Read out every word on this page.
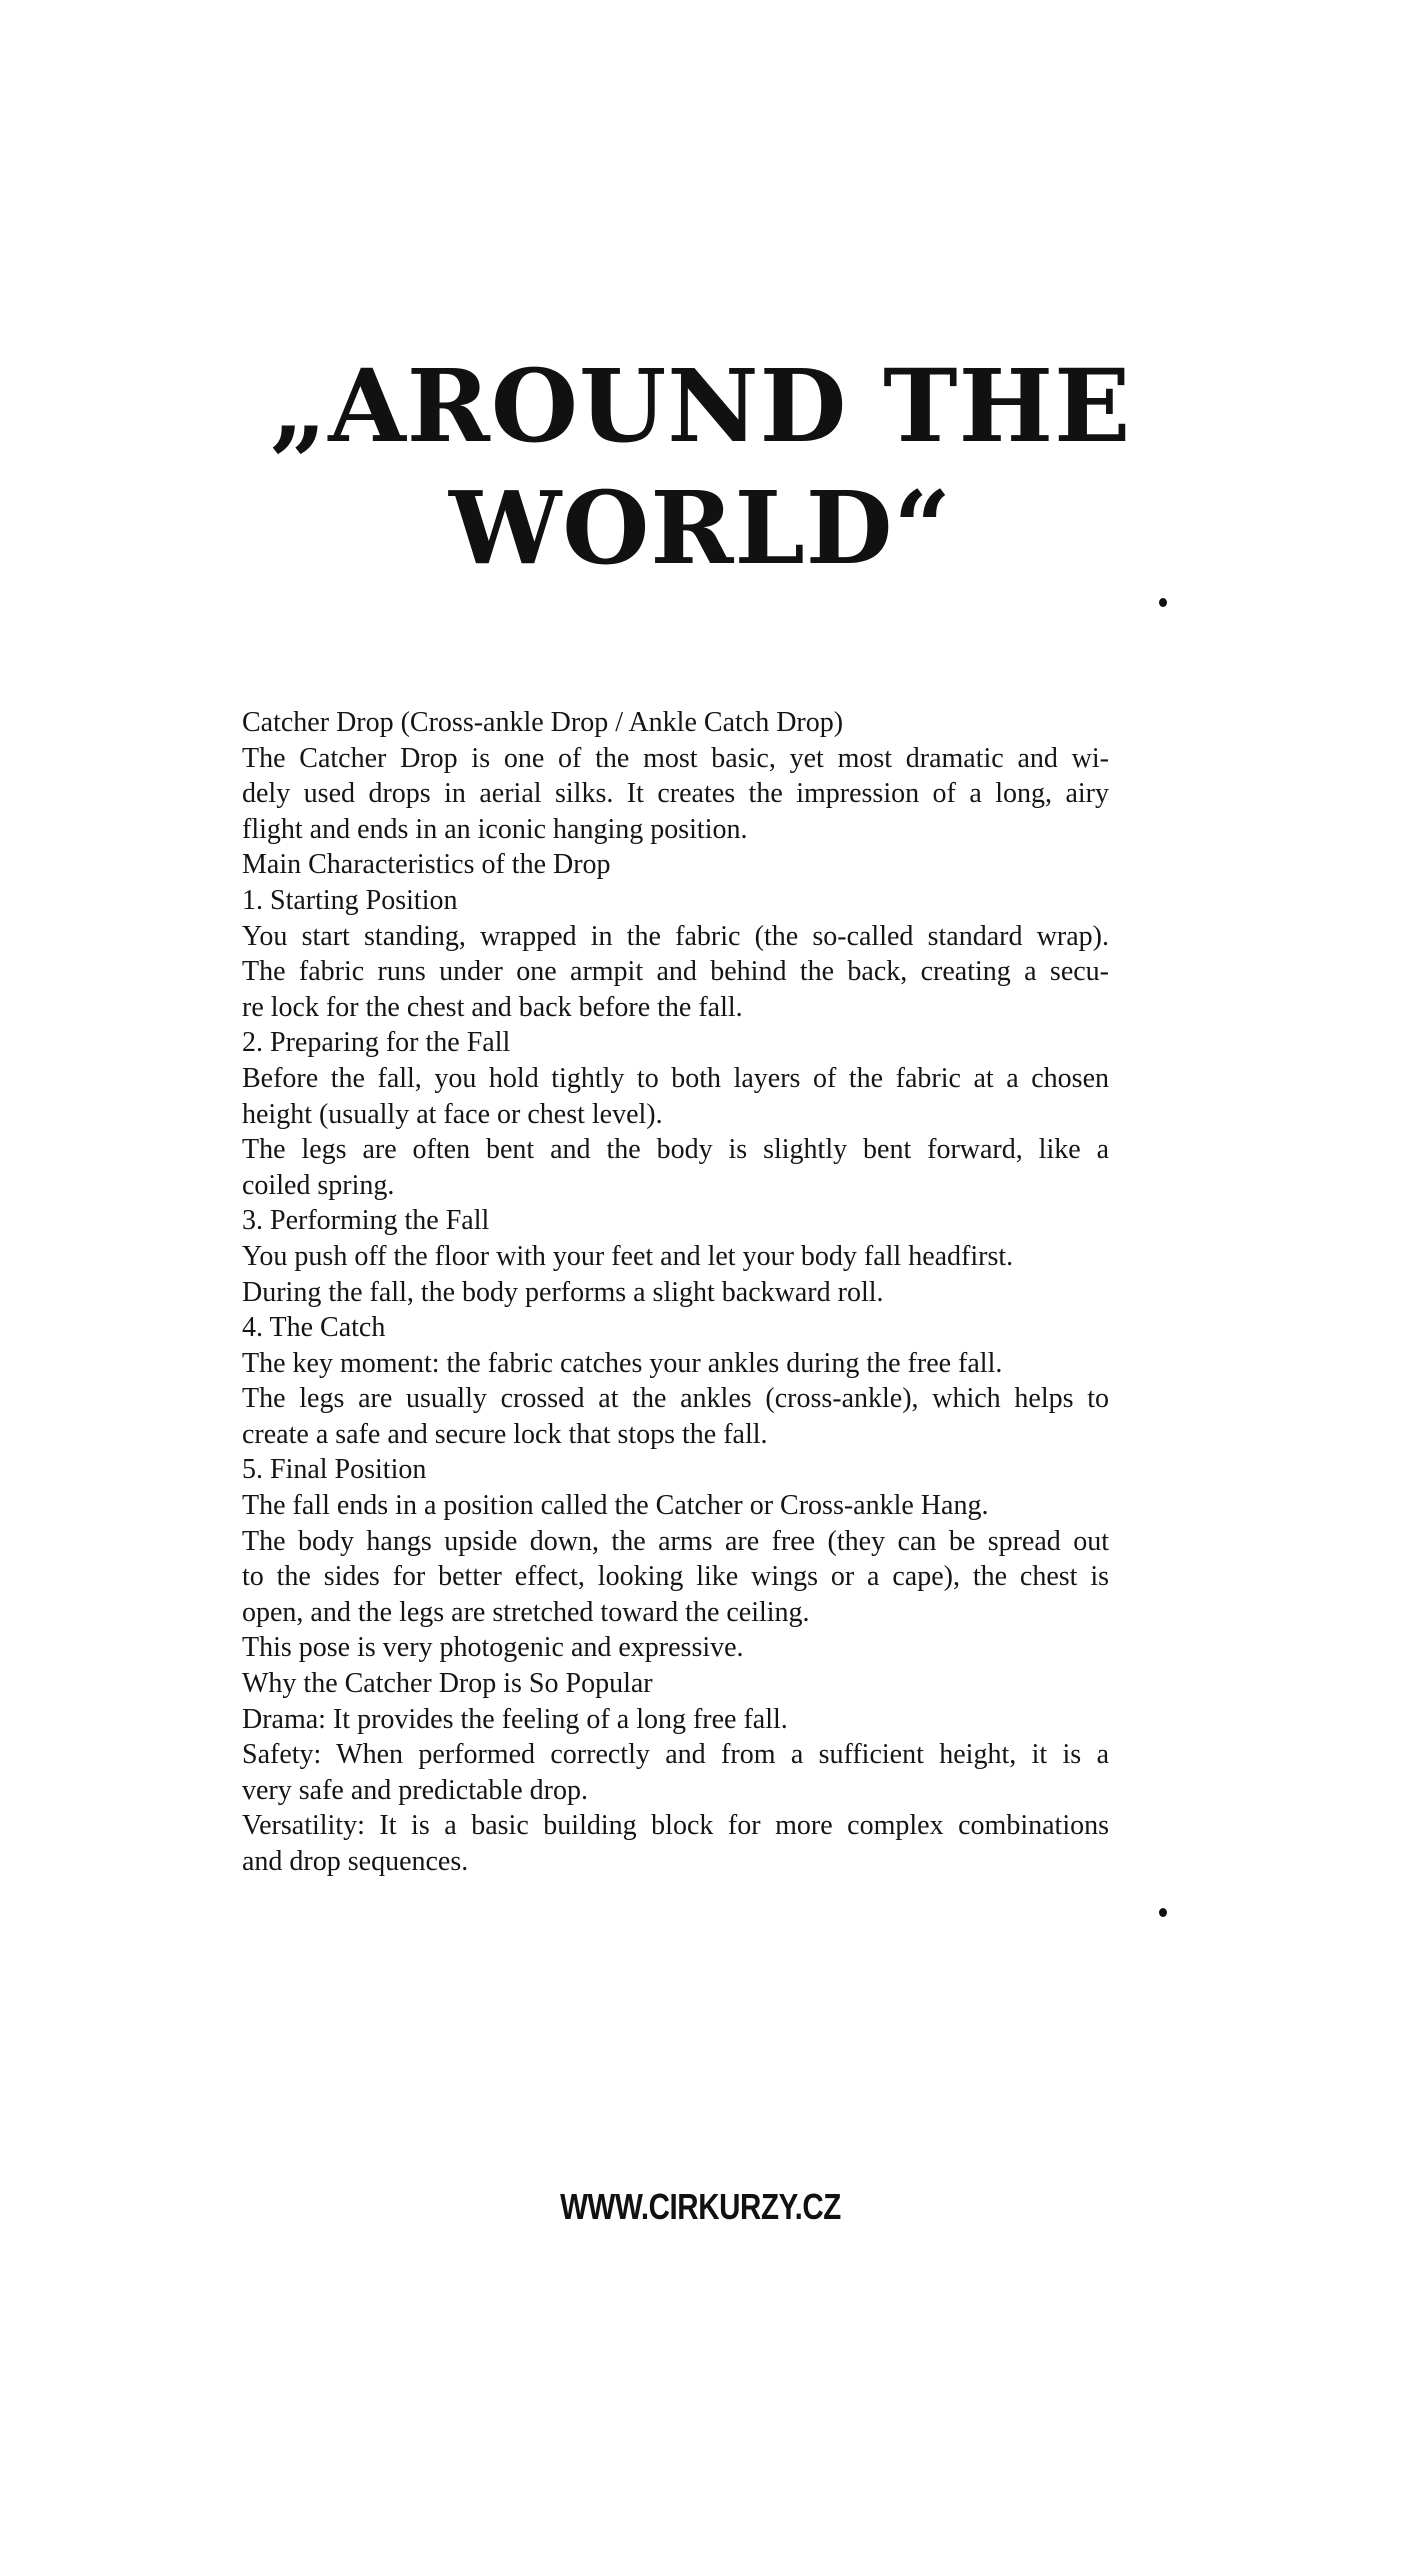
„AROUND THE
WORLD“
Catcher Drop (Cross-ankle Drop / Ankle Catch Drop)
The Catcher Drop is one of the most basic, yet most dramatic and wi-
dely used drops in aerial silks. It creates the impression of a long, airy
flight and ends in an iconic hanging position.
Main Characteristics of the Drop
1. Starting Position
You start standing, wrapped in the fabric (the so-called standard wrap).
The fabric runs under one armpit and behind the back, creating a secu-
re lock for the chest and back before the fall.
2. Preparing for the Fall
Before the fall, you hold tightly to both layers of the fabric at a chosen
height (usually at face or chest level).
The legs are often bent and the body is slightly bent forward, like a
coiled spring.
3. Performing the Fall
You push off the floor with your feet and let your body fall headfirst.
During the fall, the body performs a slight backward roll.
4. The Catch
The key moment: the fabric catches your ankles during the free fall.
The legs are usually crossed at the ankles (cross-ankle), which helps to
create a safe and secure lock that stops the fall.
5. Final Position
The fall ends in a position called the Catcher or Cross-ankle Hang.
The body hangs upside down, the arms are free (they can be spread out
to the sides for better effect, looking like wings or a cape), the chest is
open, and the legs are stretched toward the ceiling.
This pose is very photogenic and expressive.
Why the Catcher Drop is So Popular
Drama: It provides the feeling of a long free fall.
Safety: When performed correctly and from a sufficient height, it is a
very safe and predictable drop.
Versatility: It is a basic building block for more complex combinations
and drop sequences.
WWW.CIRKURZY.CZ
